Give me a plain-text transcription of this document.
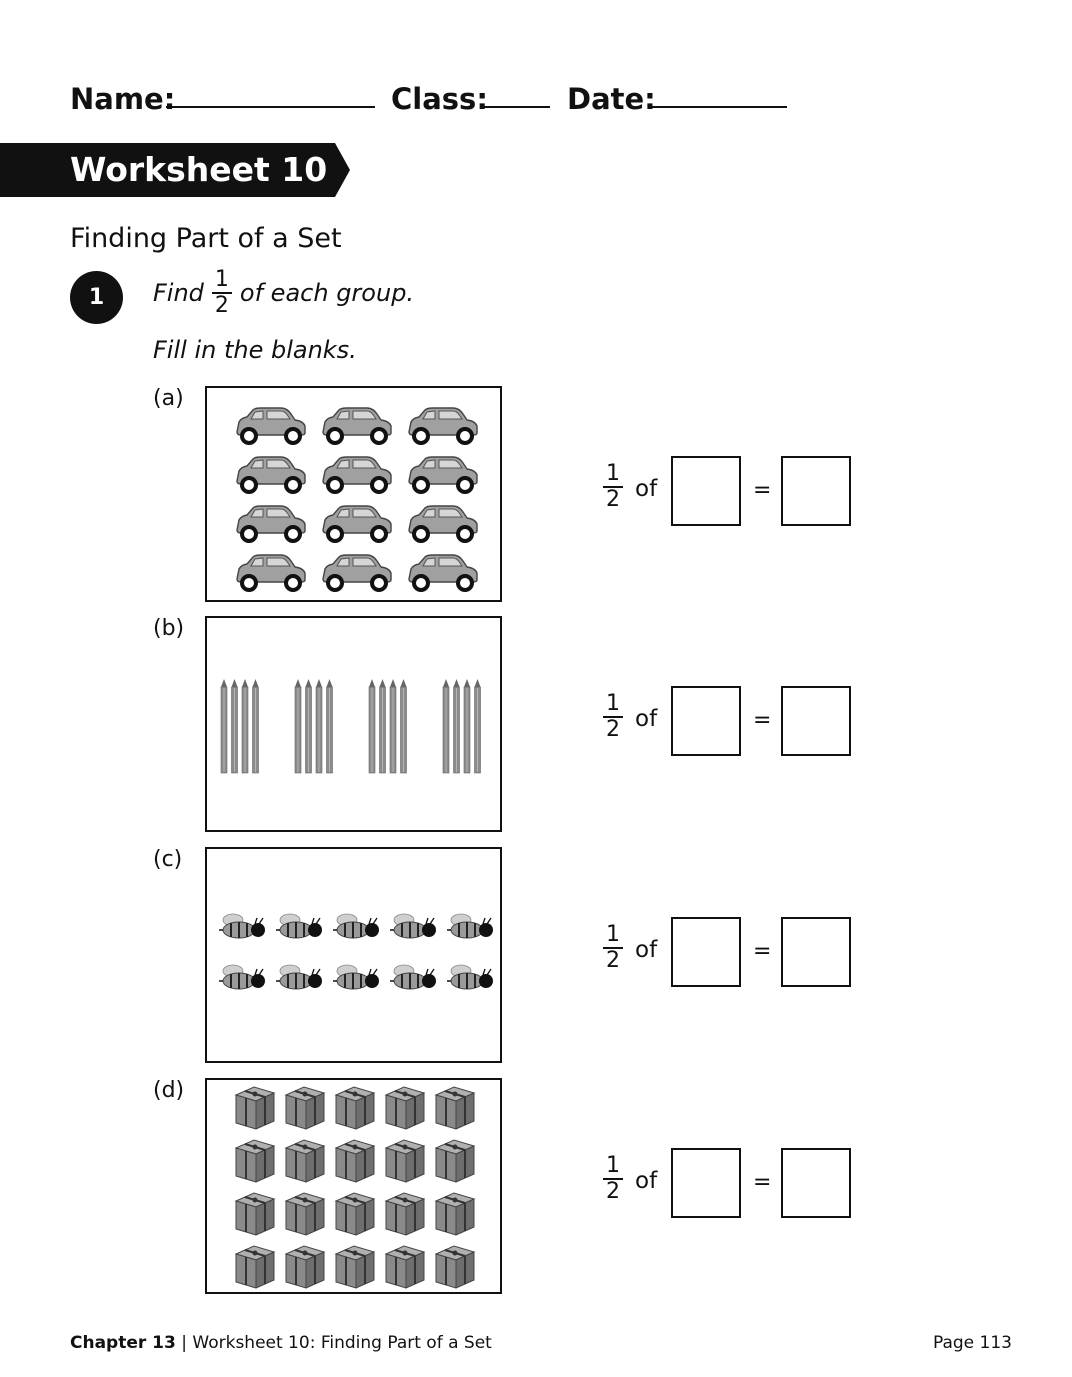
Name:	Class:	Date:
Worksheet 10
Finding Part of a Set
1	Find $\frac{1}{2}$ of each group.
Fill in the blanks.
(a)
$\frac{1}{2}$ of	=
(b)
$\frac{1}{2}$ of	=
(c)
$\frac{1}{2}$ of	=
(d)
$\frac{1}{2}$ of	=
Chapter 13 | Worksheet 10: Finding Part of a Set	Page 113
